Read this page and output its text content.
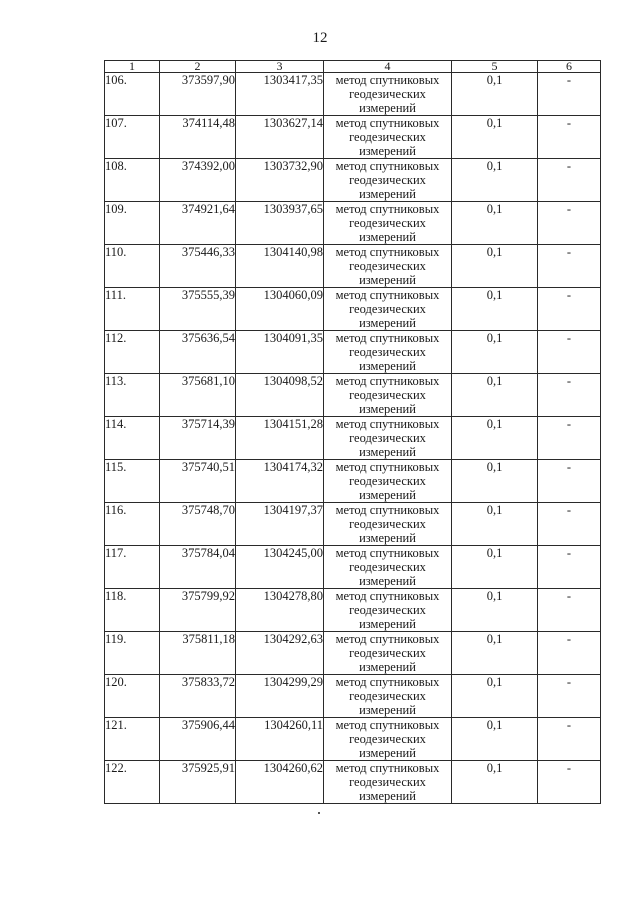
12
1	2	3	4	5	6
106.	373597,90	1303417,35	метод спутниковых геодезических измерений	0,1	-
107.	374114,48	1303627,14	метод спутниковых геодезических измерений	0,1	-
108.	374392,00	1303732,90	метод спутниковых геодезических измерений	0,1	-
109.	374921,64	1303937,65	метод спутниковых геодезических измерений	0,1	-
110.	375446,33	1304140,98	метод спутниковых геодезических измерений	0,1	-
111.	375555,39	1304060,09	метод спутниковых геодезических измерений	0,1	-
112.	375636,54	1304091,35	метод спутниковых геодезических измерений	0,1	-
113.	375681,10	1304098,52	метод спутниковых геодезических измерений	0,1	-
114.	375714,39	1304151,28	метод спутниковых геодезических измерений	0,1	-
115.	375740,51	1304174,32	метод спутниковых геодезических измерений	0,1	-
116.	375748,70	1304197,37	метод спутниковых геодезических измерений	0,1	-
117.	375784,04	1304245,00	метод спутниковых геодезических измерений	0,1	-
118.	375799,92	1304278,80	метод спутниковых геодезических измерений	0,1	-
119.	375811,18	1304292,63	метод спутниковых геодезических измерений	0,1	-
120.	375833,72	1304299,29	метод спутниковых геодезических измерений	0,1	-
121.	375906,44	1304260,11	метод спутниковых геодезических измерений	0,1	-
122.	375925,91	1304260,62	метод спутниковых геодезических измерений	0,1	-
